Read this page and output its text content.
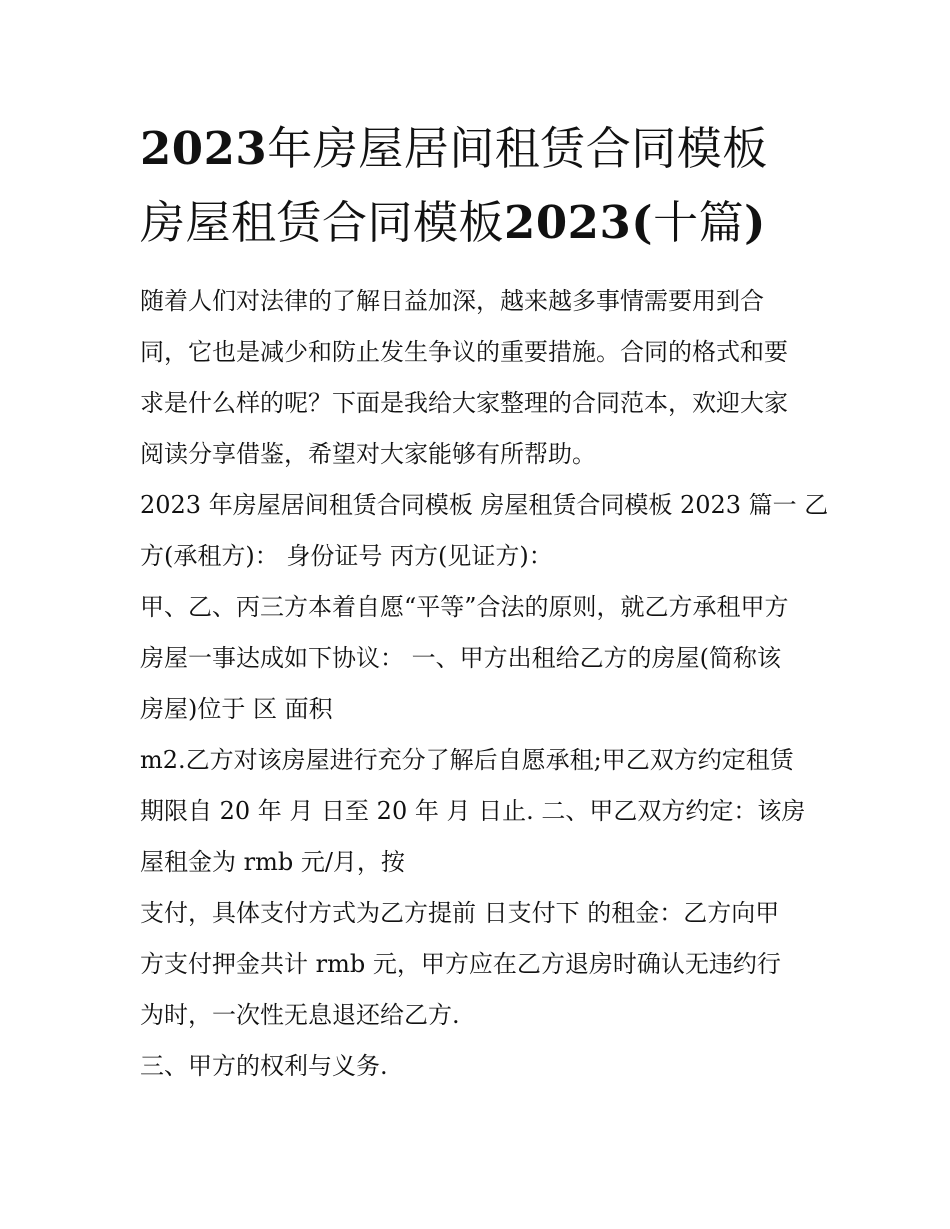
2023年房屋居间租赁合同模板
房屋租赁合同模板2023(十篇)
随着人们对法律的了解日益加深，越来越多事情需要用到合
同，它也是减少和防止发生争议的重要措施。合同的格式和要
求是什么样的呢？下面是我给大家整理的合同范本，欢迎大家
阅读分享借鉴，希望对大家能够有所帮助。
2023 年房屋居间租赁合同模板 房屋租赁合同模板 2023 篇一 乙
方(承租方)： 身份证号 丙方(见证方)：
甲、乙、丙三方本着自愿“平等”合法的原则，就乙方承租甲方
房屋一事达成如下协议： 一、甲方出租给乙方的房屋(简称该
房屋)位于 区 面积
m2.乙方对该房屋进行充分了解后自愿承租;甲乙双方约定租赁
期限自 20 年 月 日至 20 年 月 日止. 二、甲乙双方约定：该房
屋租金为 rmb 元/月，按
支付，具体支付方式为乙方提前 日支付下 的租金：乙方向甲
方支付押金共计 rmb 元，甲方应在乙方退房时确认无违约行
为时，一次性无息退还给乙方.
三、甲方的权利与义务.
